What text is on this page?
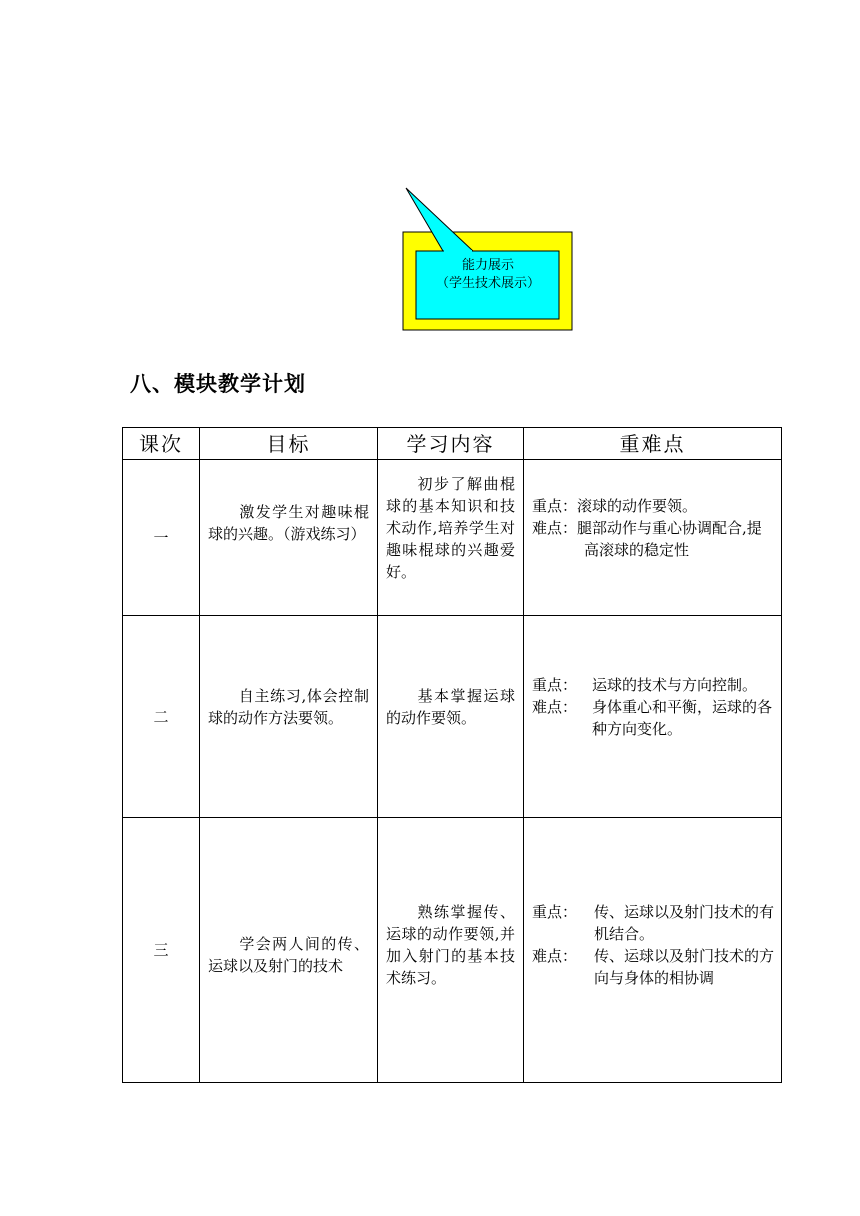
能力展示
（学生技术展示）
八、模块教学计划
课次	目标	学习内容	重难点
一	激发学生对趣味棍球的兴趣。（游戏练习）	初步了解曲棍球的基本知识和技术动作,培养学生对趣味棍球的兴趣爱好。	重点： 滚球的动作要领。
难点： 腿部动作与重心协调配合,提
高滚球的稳定性

二	自主练习,体会控制球的动作方法要领。	基本掌握运球的动作要领。	重点： 运球的技术与方向控制。
难点： 身体重心和平衡，运球的各种方向变化。

三	学会两人间的传、运球以及射门的技术	熟练掌握传、运球的动作要领,并加入射门的基本技术练习。	重点： 传、运球以及射门技术的有机结合。
难点： 传、运球以及射门技术的方向与身体的相协调
